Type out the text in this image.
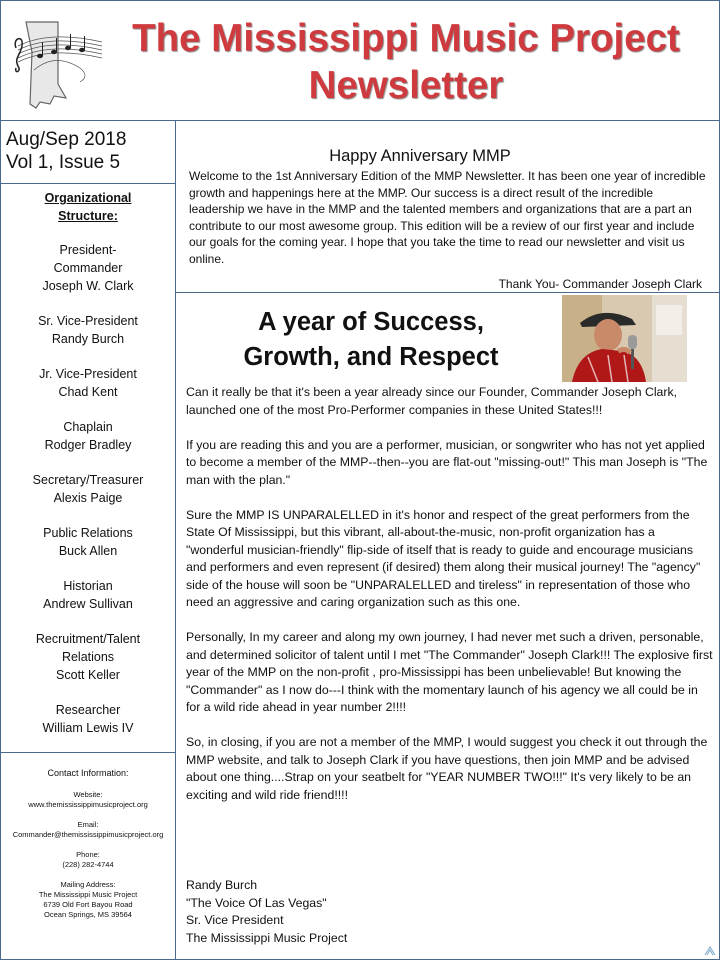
The Mississippi Music Project
Newsletter
Aug/Sep 2018
Vol 1, Issue 5
Organizational
Structure:
President-
Commander
Joseph W. Clark
Sr. Vice-President
Randy Burch
Jr. Vice-President
Chad Kent
Chaplain
Rodger Bradley
Secretary/Treasurer
Alexis Paige
Public Relations
Buck Allen
Historian
Andrew Sullivan
Recruitment/Talent
Relations
Scott Keller
Researcher
William Lewis IV
Contact Information:
Website:
www.themississippimusicproject.org
Email:
Commander@themississippimusicproject.org
Phone:
(228) 282-4744
Mailing Address:
The Mississippi Music Project
6739 Old Fort Bayou Road
Ocean Springs, MS 39564
Happy Anniversary MMP

Welcome to the 1st Anniversary Edition of the MMP Newsletter. It has been one year of incredible growth and happenings here at the MMP. Our success is a direct result of the incredible leadership we have in the MMP and the talented members and organizations that are a part an contribute to our most awesome group. This edition will be a review of our first year and include our goals for the coming year. I hope that you take the time to read our newsletter and visit us online.

Thank You- Commander Joseph Clark
A year of Success,
Growth, and Respect

Can it really be that it's been a year already since our Founder, Commander Joseph Clark, launched one of the most Pro-Performer companies in these United States!!!

If you are reading this and you are a performer, musician, or songwriter who has not yet applied to become a member of the MMP--then--you are flat-out "missing-out!" This man Joseph is "The man with the plan."

Sure the MMP IS UNPARALELLED in it's honor and respect of the great performers from the State Of Mississippi, but this vibrant, all-about-the-music, non-profit organization has a "wonderful musician-friendly" flip-side of itself that is ready to guide and encourage musicians and performers and even represent (if desired) them along their musical journey! The "agency" side of the house will soon be "UNPARALELLED and tireless" in representation of those who need an aggressive and caring organization such as this one.

Personally, In my career and along my own journey, I had never met such a driven, personable, and determined solicitor of talent until I met "The Commander" Joseph Clark!!! The explosive first year of the MMP on the non-profit , pro-Mississippi has been unbelievable! But knowing the "Commander" as I now do---I think with the momentary launch of his agency we all could be in for a wild ride ahead in year number 2!!!!

So, in closing, if you are not a member of the MMP, I would suggest you check it out through the MMP website, and talk to Joseph Clark if you have questions, then join MMP and be advised about one thing....Strap on your seatbelt for "YEAR NUMBER TWO!!!" It's very likely to be an exciting and wild ride friend!!!!

Randy Burch
"The Voice Of Las Vegas"
Sr. Vice President
The Mississippi Music Project
